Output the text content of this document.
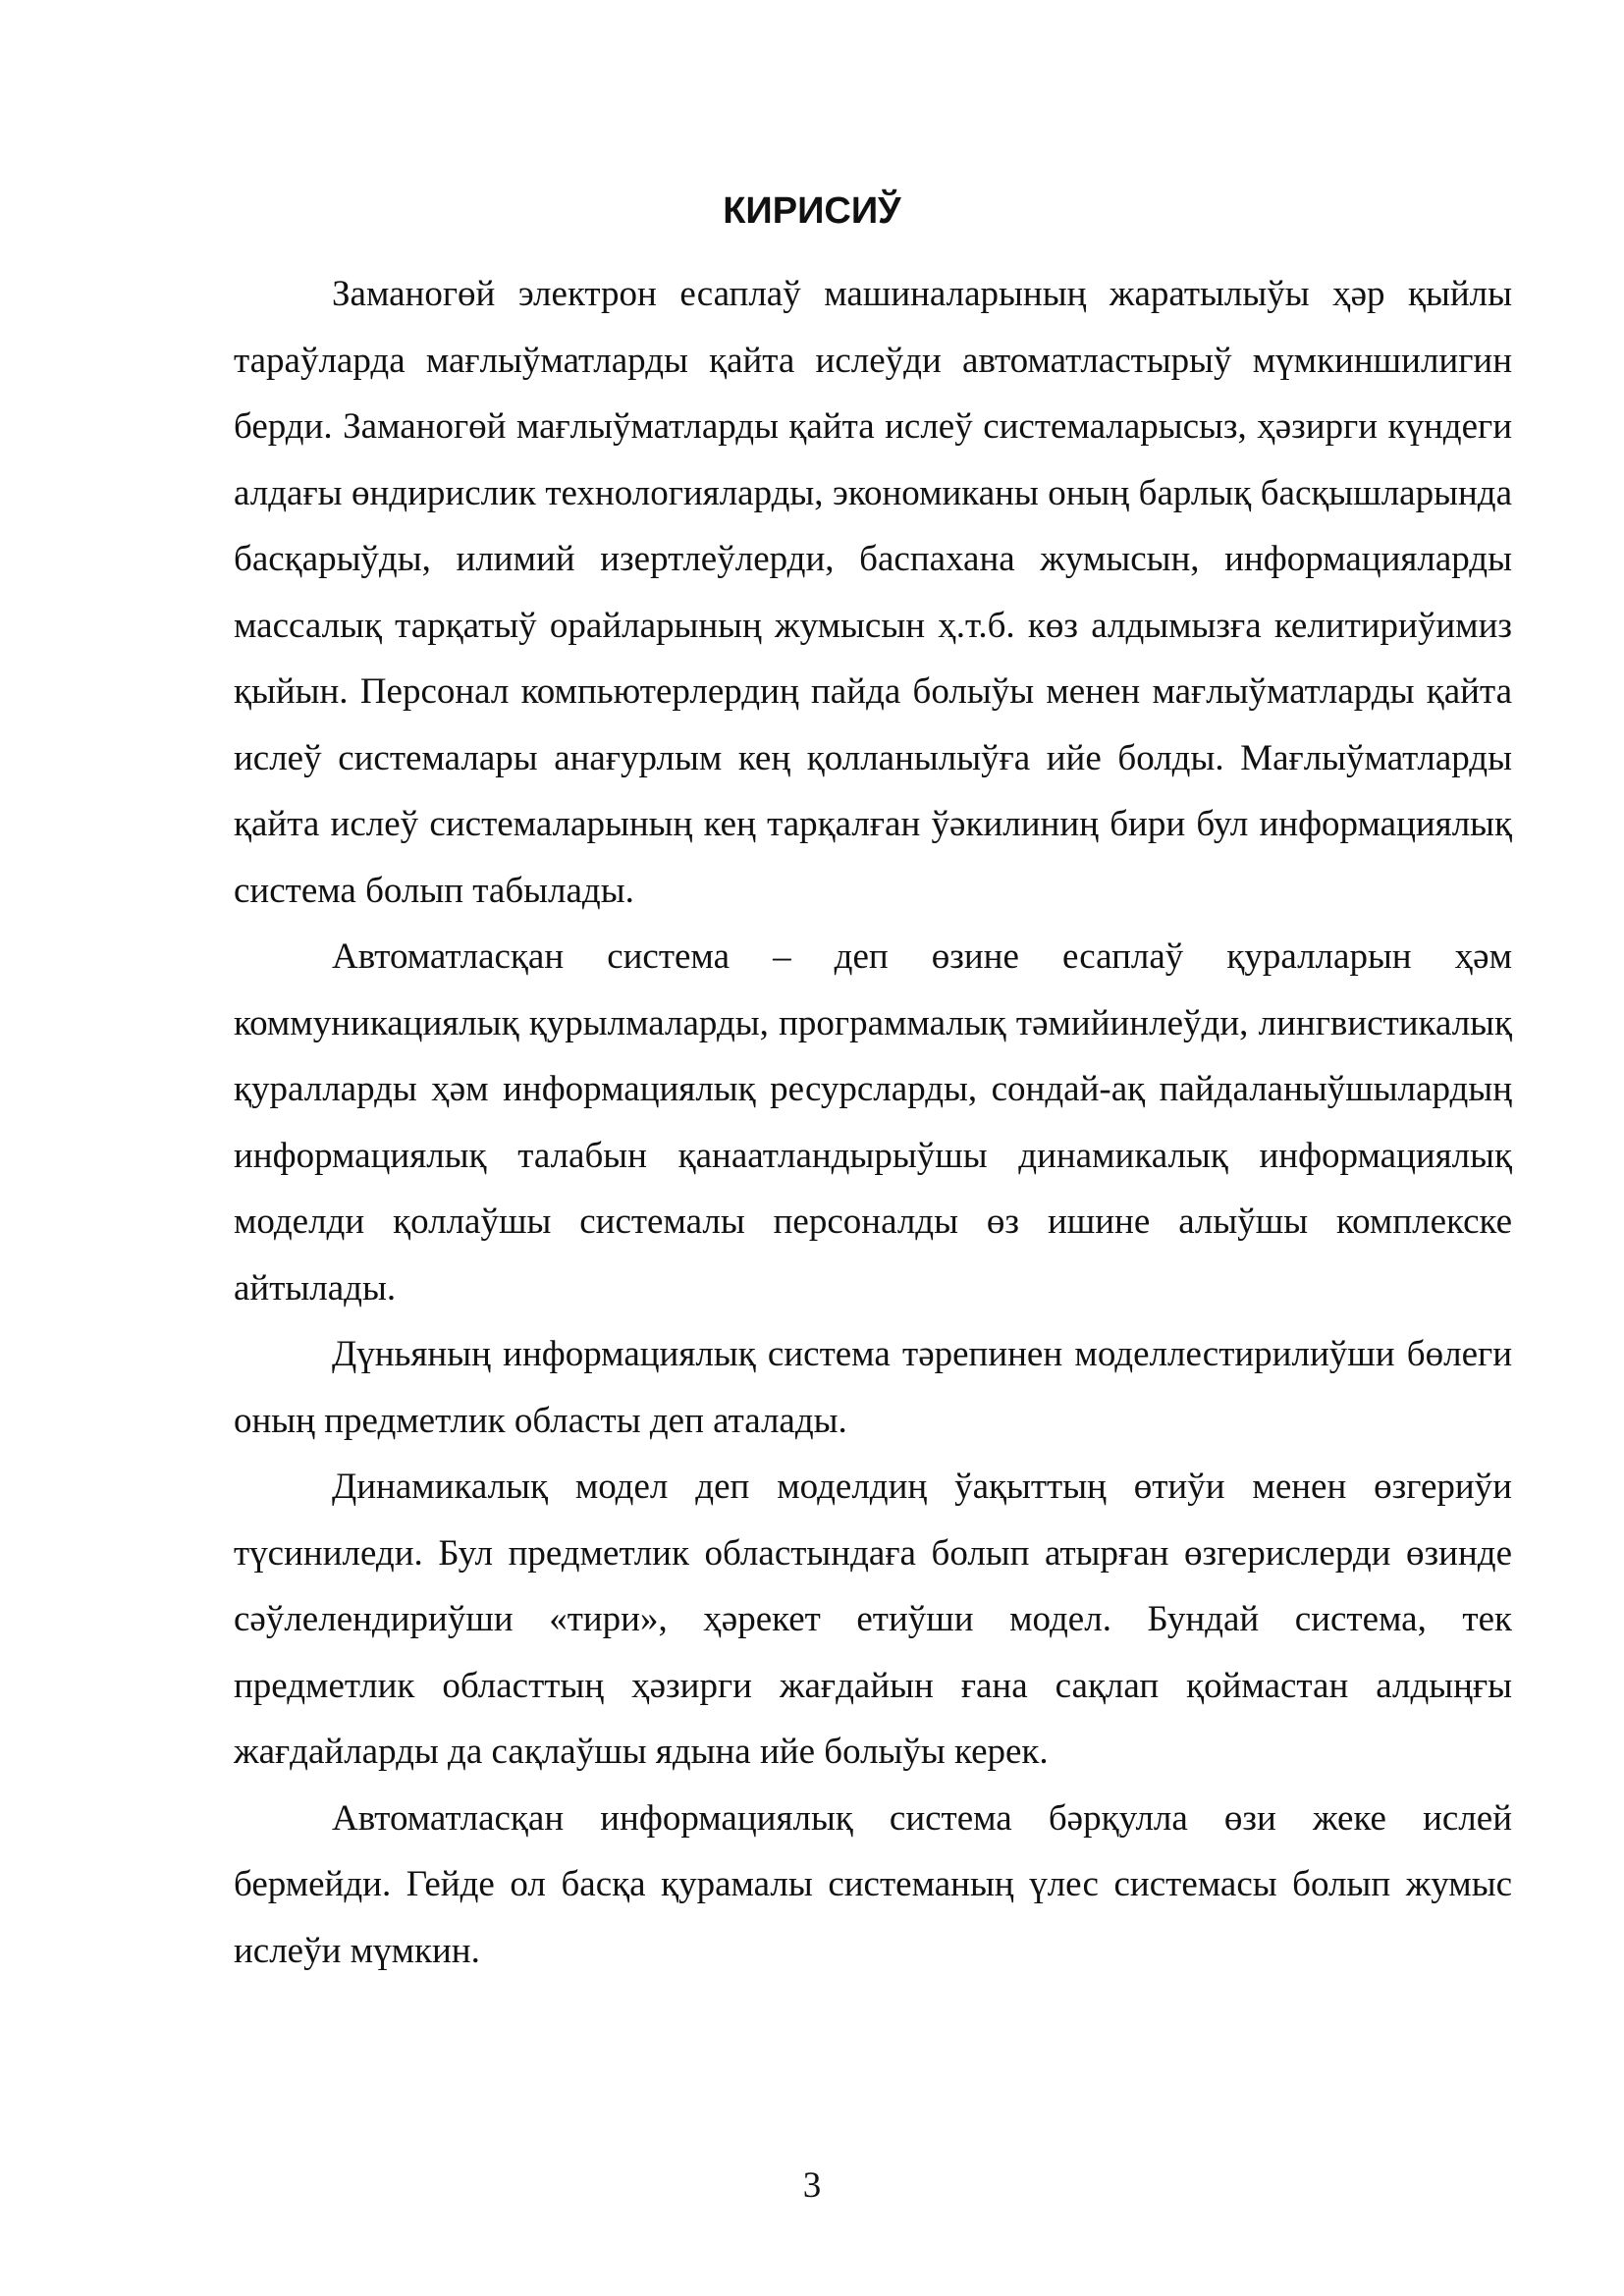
КИРИСИЎ

Заманогөй электрон есаплаў машиналарының жаратылыўы ҳәр қыйлы тараўларда мағлыўматларды қайта ислеўди автоматластырыў мүмкиншилигин берди. Заманогөй мағлыўматларды қайта ислеў системаларысыз, ҳәзирги күндеги алдағы өндирислик технологияларды, экономиканы оның барлық басқышларында басқарыўды, илимий изертлеўлерди, баспахана жумысын, информацияларды массалық тарқатыў орайларының жумысын ҳ.т.б. көз алдымызға келитириўимиз қыйын. Персонал компьютерлердиң пайда болыўы менен мағлыўматларды қайта ислеў системалары анағурлым кең қолланылыўға ийе болды. Мағлыўматларды қайта ислеў системаларының кең тарқалған ўәкилиниң бири бул информациялық система болып табылады.

Автоматласқан система – деп өзине есаплаў қуралларын ҳәм коммуникациялық қурылмаларды, программалық тәмийинлеўди, лингвистикалық қуралларды ҳәм информациялық ресурсларды, сондай-ақ пайдаланыўшылардың информациялық талабын қанаатландырыўшы динамикалық информациялық моделди қоллаўшы системалы персоналды өз ишине алыўшы комплекске айтылады.

Дүньяның информациялық система тәрепинен моделлестирилиўши бөлеги оның предметлик областы деп аталады.

Динамикалық модел деп моделдиң ўақыттың өтиўи менен өзгериўи түсиниледи. Бул предметлик областындаға болып атырған өзгерислерди өзинде сәўлелендириўши «тири», ҳәрекет етиўши модел. Бундай система, тек предметлик областтың ҳәзирги жағдайын ғана сақлап қоймастан алдыңғы жағдайларды да сақлаўшы ядына ийе болыўы керек.

Автоматласқан информациялық система бәрқулла өзи жеке ислей бермейди. Гейде ол басқа қурамалы системаның үлес системасы болып жумыс ислеўи мүмкин.

3
